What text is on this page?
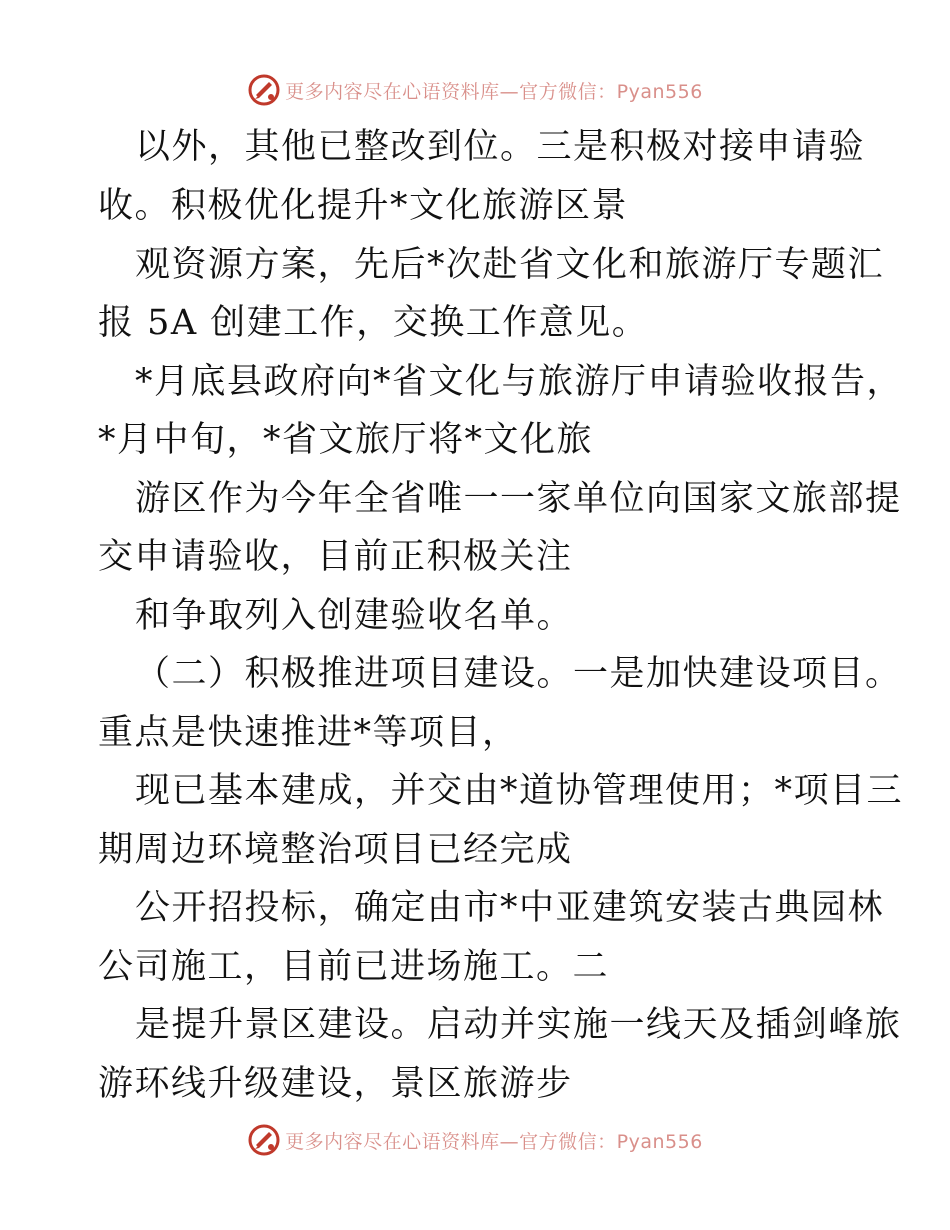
更多内容尽在心语资料库—官方微信：Pyan556
以外，其他已整改到位。三是积极对接申请验
收。积极优化提升*文化旅游区景
观资源方案，先后*次赴省文化和旅游厅专题汇
报 5A 创建工作，交换工作意见。
*月底县政府向*省文化与旅游厅申请验收报告，
*月中旬，*省文旅厅将*文化旅
游区作为今年全省唯一一家单位向国家文旅部提
交申请验收，目前正积极关注
和争取列入创建验收名单。
（二）积极推进项目建设。一是加快建设项目。
重点是快速推进*等项目，
现已基本建成，并交由*道协管理使用；*项目三
期周边环境整治项目已经完成
公开招投标，确定由市*中亚建筑安装古典园林
公司施工，目前已进场施工。二
是提升景区建设。启动并实施一线天及插剑峰旅
游环线升级建设，景区旅游步
更多内容尽在心语资料库—官方微信：Pyan556
